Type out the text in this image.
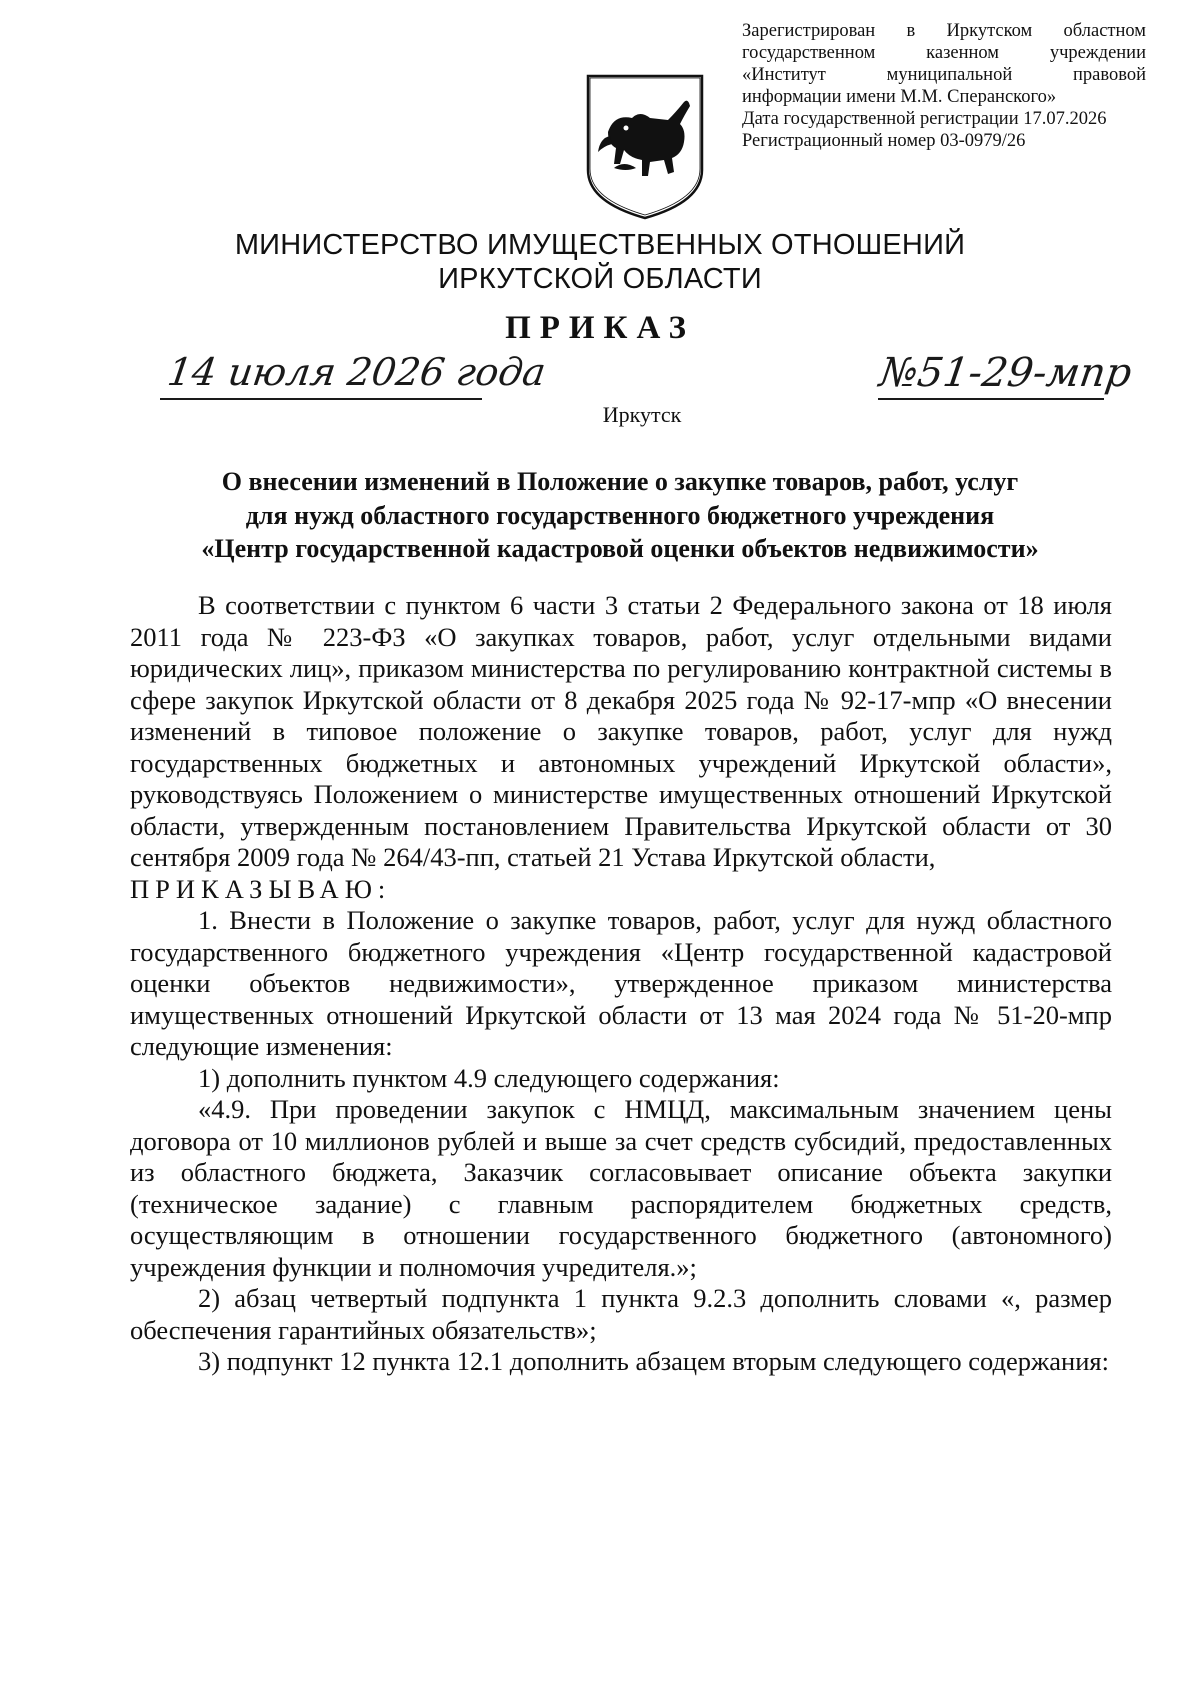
Зарегистрирован в Иркутском областном
государственном казенном учреждении
«Институт муниципальной правовой
информации имени М.М. Сперанского»
Дата государственной регистрации 17.07.2026
Регистрационный номер 03-0979/26
МИНИСТЕРСТВО ИМУЩЕСТВЕННЫХ ОТНОШЕНИЙ
ИРКУТСКОЙ ОБЛАСТИ
ПРИКАЗ
14 июля 2026 года	№51-29-мпр
Иркутск
О внесении изменений в Положение о закупке товаров, работ, услуг
для нужд областного государственного бюджетного учреждения
«Центр государственной кадастровой оценки объектов недвижимости»

В соответствии с пунктом 6 части 3 статьи 2 Федерального закона от 18 июля 2011 года № 223-ФЗ «О закупках товаров, работ, услуг отдельными видами юридических лиц», приказом министерства по регулированию контрактной системы в сфере закупок Иркутской области от 8 декабря 2025 года № 92-17-мпр «О внесении изменений в типовое положение о закупке товаров, работ, услуг для нужд государственных бюджетных и автономных учреждений Иркутской области», руководствуясь Положением о министерстве имущественных отношений Иркутской области, утвержденным постановлением Правительства Иркутской области от 30 сентября 2009 года № 264/43-пп, статьей 21 Устава Иркутской области,

ПРИКАЗЫВАЮ:

1. Внести в Положение о закупке товаров, работ, услуг для нужд областного государственного бюджетного учреждения «Центр государственной кадастровой оценки объектов недвижимости», утвержденное приказом министерства имущественных отношений Иркутской области от 13 мая 2024 года № 51-20-мпр следующие изменения:

1) дополнить пунктом 4.9 следующего содержания:

«4.9. При проведении закупок с НМЦД, максимальным значением цены договора от 10 миллионов рублей и выше за счет средств субсидий, предоставленных из областного бюджета, Заказчик согласовывает описание объекта закупки (техническое задание) с главным распорядителем бюджетных средств, осуществляющим в отношении государственного бюджетного (автономного) учреждения функции и полномочия учредителя.»;

2) абзац четвертый подпункта 1 пункта 9.2.3 дополнить словами «, размер обеспечения гарантийных обязательств»;

3) подпункт 12 пункта 12.1 дополнить абзацем вторым следующего содержания:
